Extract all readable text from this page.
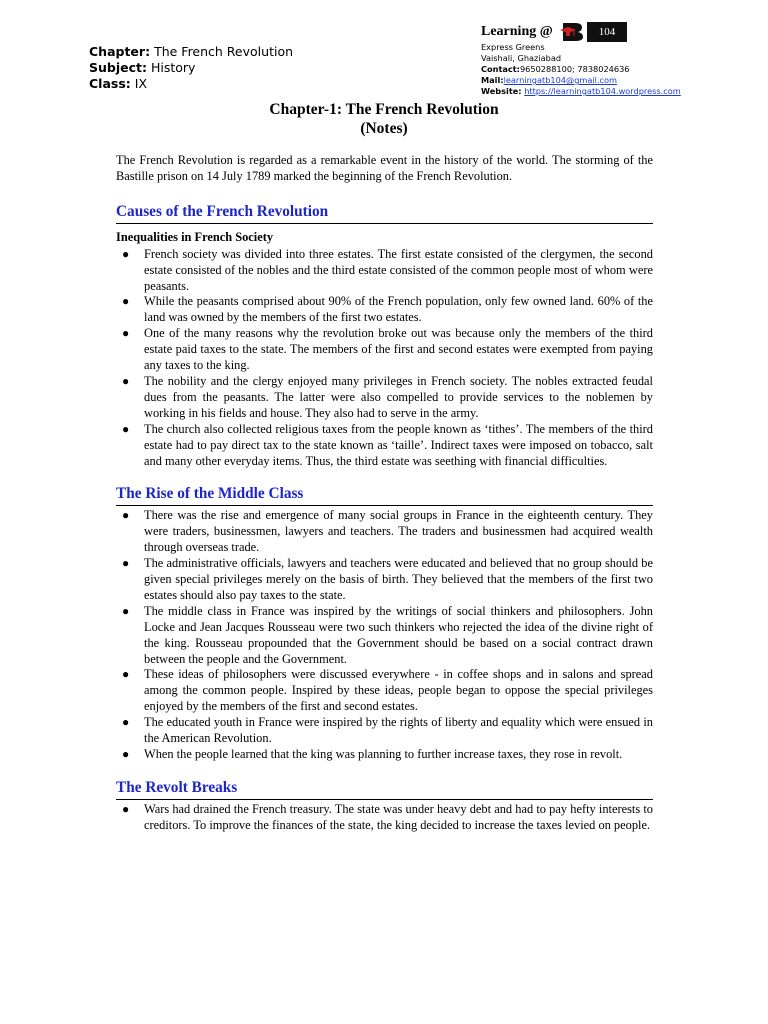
Chapter: The French Revolution
Subject: History
Class: IX
Learning @	104
Express Greens
Vaishali, Ghaziabad
Contact:9650288100; 7838024636
Mail:learningatb104@gmail.com
Website: https://learningatb104.wordpress.com
Chapter-1: The French Revolution
(Notes)

The French Revolution is regarded as a remarkable event in the history of the world. The storming of the Bastille prison on 14 July 1789 marked the beginning of the French Revolution.

Causes of the French Revolution
Inequalities in French Society
● French society was divided into three estates. The first estate consisted of the clergymen, the second estate consisted of the nobles and the third estate consisted of the common people most of whom were peasants.
● While the peasants comprised about 90% of the French population, only few owned land. 60% of the land was owned by the members of the first two estates.
● One of the many reasons why the revolution broke out was because only the members of the third estate paid taxes to the state. The members of the first and second estates were exempted from paying any taxes to the king.
● The nobility and the clergy enjoyed many privileges in French society. The nobles extracted feudal dues from the peasants. The latter were also compelled to provide services to the noblemen by working in his fields and house. They also had to serve in the army.
● The church also collected religious taxes from the people known as ‘tithes’. The members of the third estate had to pay direct tax to the state known as ‘taille’. Indirect taxes were imposed on tobacco, salt and many other everyday items. Thus, the third estate was seething with financial difficulties.
The Rise of the Middle Class
● There was the rise and emergence of many social groups in France in the eighteenth century. They were traders, businessmen, lawyers and teachers. The traders and businessmen had acquired wealth through overseas trade.
● The administrative officials, lawyers and teachers were educated and believed that no group should be given special privileges merely on the basis of birth. They believed that the members of the first two estates should also pay taxes to the state.
● The middle class in France was inspired by the writings of social thinkers and philosophers. John Locke and Jean Jacques Rousseau were two such thinkers who rejected the idea of the divine right of the king. Rousseau propounded that the Government should be based on a social contract drawn between the people and the Government.
● These ideas of philosophers were discussed everywhere - in coffee shops and in salons and spread among the common people. Inspired by these ideas, people began to oppose the special privileges enjoyed by the members of the first and second estates.
● The educated youth in France were inspired by the rights of liberty and equality which were ensued in the American Revolution.
● When the people learned that the king was planning to further increase taxes, they rose in revolt.
The Revolt Breaks
● Wars had drained the French treasury. The state was under heavy debt and had to pay hefty interests to creditors. To improve the finances of the state, the king decided to increase the taxes levied on people.
